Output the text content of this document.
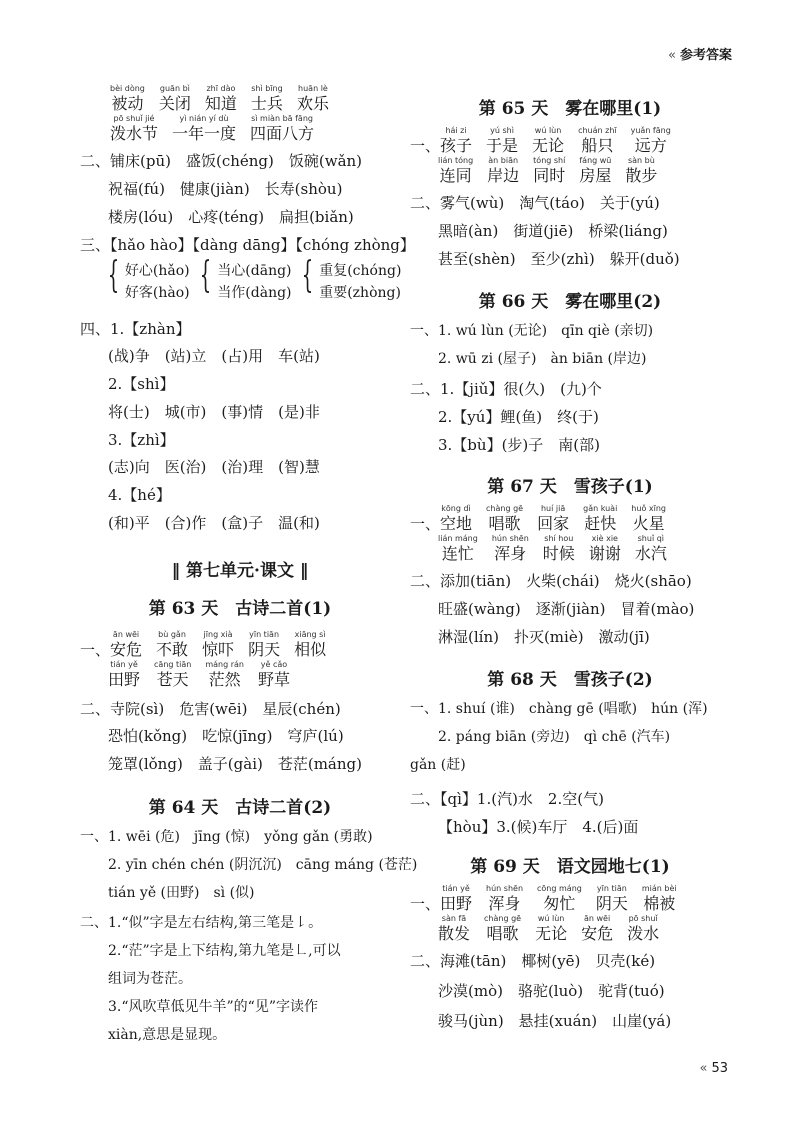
« 参考答案
bèi dòng
被动
guān bì
关闭
zhī dào
知道
shì bīng
士兵
huān lè
欢乐
pō shuǐ jié
泼水节
yì nián yí dù
一年一度
sì miàn bā fāng
四面八方
二、铺床(pū)　盛饭(chéng)　饭碗(wǎn)
祝福(fú)　健康(jiàn)　长寿(shòu)
楼房(lóu)　心疼(téng)　扁担(biǎn)
三、【hǎo hào】【dàng dāng】【chóng zhòng】
{ 好心(hǎo)
好客(hào) { 当心(dāng)
当作(dàng) { 重复(chóng)
重要(zhòng)
四、1.【zhàn】
(战)争　(站)立　(占)用　车(站)
2.【shì】
将(士)　城(市)　(事)情　(是)非
3.【zhì】
(志)向　医(治)　(治)理　(智)慧
4.【hé】
(和)平　(合)作　(盒)子　温(和)
‖ 第七单元·课文 ‖
第 63 天　古诗二首(1)
一、
ān wēi
安危
bù gǎn
不敢
jīng xià
惊吓
yīn tiān
阴天
xiāng sì
相似
tián yě
田野
cāng tiān
苍天
máng rán
茫然
yě cǎo
野草
二、寺院(sì)　危害(wēi)　星辰(chén)
恐怕(kǒng)　吃惊(jīng)　穹庐(lú)
笼罩(lǒng)　盖子(gài)　苍茫(máng)
第 64 天　古诗二首(2)
一、1. wēi (危)　jīng (惊)　yǒng gǎn (勇敢)
2. yīn chén chén (阴沉沉)　cāng máng (苍茫)
tián yě (田野)　sì (似)
二、1.“似”字是左右结构,第三笔是㇙。
2.“茫”字是上下结构,第九笔是㇗,可以
组词为苍茫。
3.“风吹草低见牛羊”的“见”字读作
xiàn,意思是显现。
第 65 天　雾在哪里(1)
一、
hái zi
孩子
yú shì
于是
wú lùn
无论
chuán zhī
船只
yuǎn fāng
远方
lián tóng
连同
àn biān
岸边
tóng shí
同时
fáng wū
房屋
sàn bù
散步
二、雾气(wù)　淘气(táo)　关于(yú)
黑暗(àn)　街道(jiē)　桥梁(liáng)
甚至(shèn)　至少(zhì)　躲开(duǒ)
第 66 天　雾在哪里(2)
一、1. wú lùn (无论)　qīn qiè (亲切)
2. wū zi (屋子)　àn biān (岸边)
二、1.【jiǔ】很(久)　(九)个
2.【yú】鲤(鱼)　终(于)
3.【bù】(步)子　南(部)
第 67 天　雪孩子(1)
一、
kōng dì
空地
chàng gē
唱歌
huí jiā
回家
gǎn kuài
赶快
huǒ xīng
火星
lián máng
连忙
hún shēn
浑身
shí hou
时候
xiè xie
谢谢
shuǐ qì
水汽
二、添加(tiān)　火柴(chái)　烧火(shāo)
旺盛(wàng)　逐渐(jiàn)　冒着(mào)
淋湿(lín)　扑灭(miè)　激动(jī)
第 68 天　雪孩子(2)
一、1. shuí (谁)　chàng gē (唱歌)　hún (浑)
2. páng biān (旁边)　qì chē (汽车)
gǎn (赶)
二、【qì】1.(汽)水　2.空(气)
【hòu】3.(候)车厅　4.(后)面
第 69 天　语文园地七(1)
一、
tián yě
田野
hún shēn
浑身
cōng máng
匆忙
yīn tiān
阴天
mián bèi
棉被
sàn fā
散发
chàng gē
唱歌
wú lùn
无论
ān wēi
安危
pō shuǐ
泼水
二、海滩(tān)　椰树(yē)　贝壳(ké)
沙漠(mò)　骆驼(luò)　驼背(tuó)
骏马(jùn)　悬挂(xuán)　山崖(yá)
« 53
